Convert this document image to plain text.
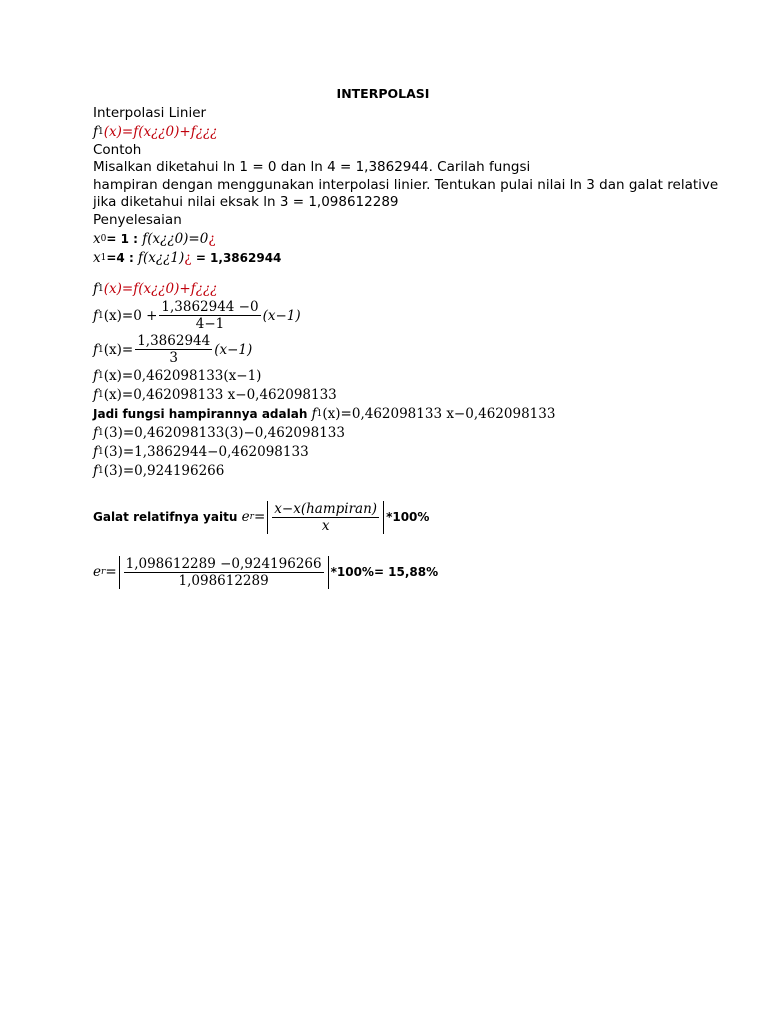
INTERPOLASI
Interpolasi Linier
f 1 (x)=f(x¿¿0)+f¿¿¿
Contoh
Misalkan diketahui ln 1 = 0 dan ln 4 = 1,3862944. Carilah fungsi
hampiran dengan menggunakan interpolasi linier. Tentukan pulai nilai ln 3 dan galat relative
jika diketahui nilai eksak ln 3 = 1,098612289
Penyelesaian
x 0 = 1 :
f(x¿¿0)=0 ¿
x 1 =4 :
f(x¿¿1) ¿
= 1,3862944
f 1 (x)=f(x¿¿0)+f¿¿¿
f 1 $(x)=0 + \frac{1,3862944 -0}{4-1} (x-1)$
f 1 $(x)= \frac{1,3862944}{3} (x-1)$
f 1 (x)=0,462098133(x−1)
f 1 (x)=0,462098133 x−0,462098133
Jadi fungsi hampirannya adalah
f 1 (x)=0,462098133 x−0,462098133
f 1 (3)=0,462098133(3)−0,462098133
f 1 (3)=1,3862944−0,462098133
f 1 (3)=0,924196266
Galat relatifnya yaitu
e $r = \frac{\text{x−x(hampiran)}}{x} *100\%$
e $r = \frac{1,098612289 -0,924196266}{1,098612289} *100\%= 15,88\%$
